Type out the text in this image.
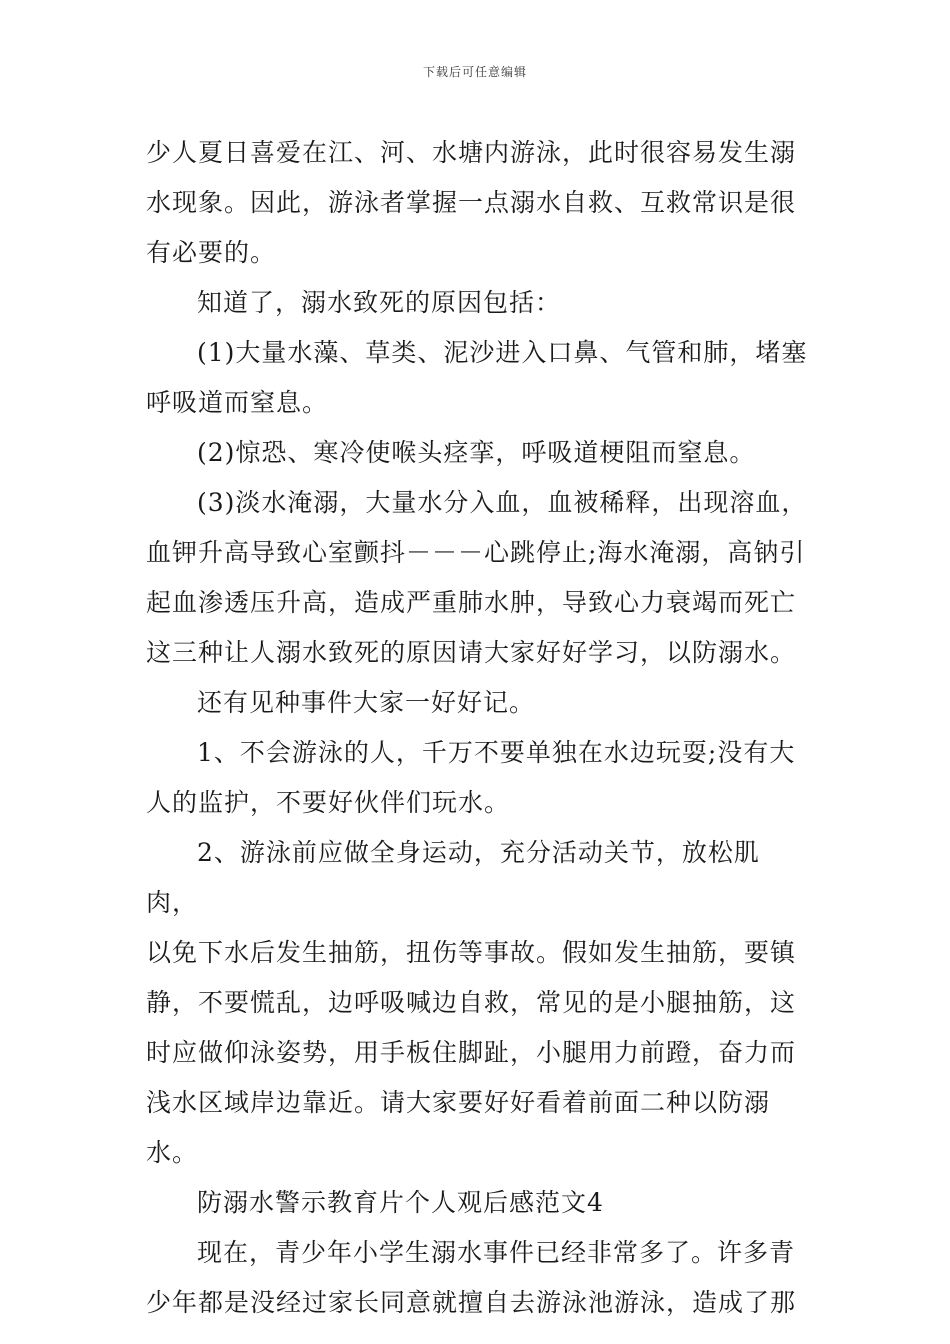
下载后可任意编辑

少人夏日喜爱在江、河、水塘内游泳，此时很容易发生溺
水现象。因此，游泳者掌握一点溺水自救、互救常识是很
有必要的。

知道了，溺水致死的原因包括：

(1)大量水藻、草类、泥沙进入口鼻、气管和肺，堵塞
呼吸道而窒息。

(2)惊恐、寒冷使喉头痉挛，呼吸道梗阻而窒息。

(3)淡水淹溺，大量水分入血，血被稀释，出现溶血，
血钾升高导致心室颤抖－－－心跳停止;海水淹溺，高钠引
起血渗透压升高，造成严重肺水肿，导致心力衰竭而死亡
这三种让人溺水致死的原因请大家好好学习，以防溺水。

还有见种事件大家一好好记。

1、不会游泳的人，千万不要单独在水边玩耍;没有大
人的监护，不要好伙伴们玩水。

2、游泳前应做全身运动，充分活动关节，放松肌肉，
以免下水后发生抽筋，扭伤等事故。假如发生抽筋，要镇
静，不要慌乱，边呼吸喊边自救，常见的是小腿抽筋，这
时应做仰泳姿势，用手板住脚趾，小腿用力前蹬，奋力而
浅水区域岸边靠近。请大家要好好看着前面二种以防溺水。

防溺水警示教育片个人观后感范文4

现在，青少年小学生溺水事件已经非常多了。许多青
少年都是没经过家长同意就擅自去游泳池游泳，造成了那
